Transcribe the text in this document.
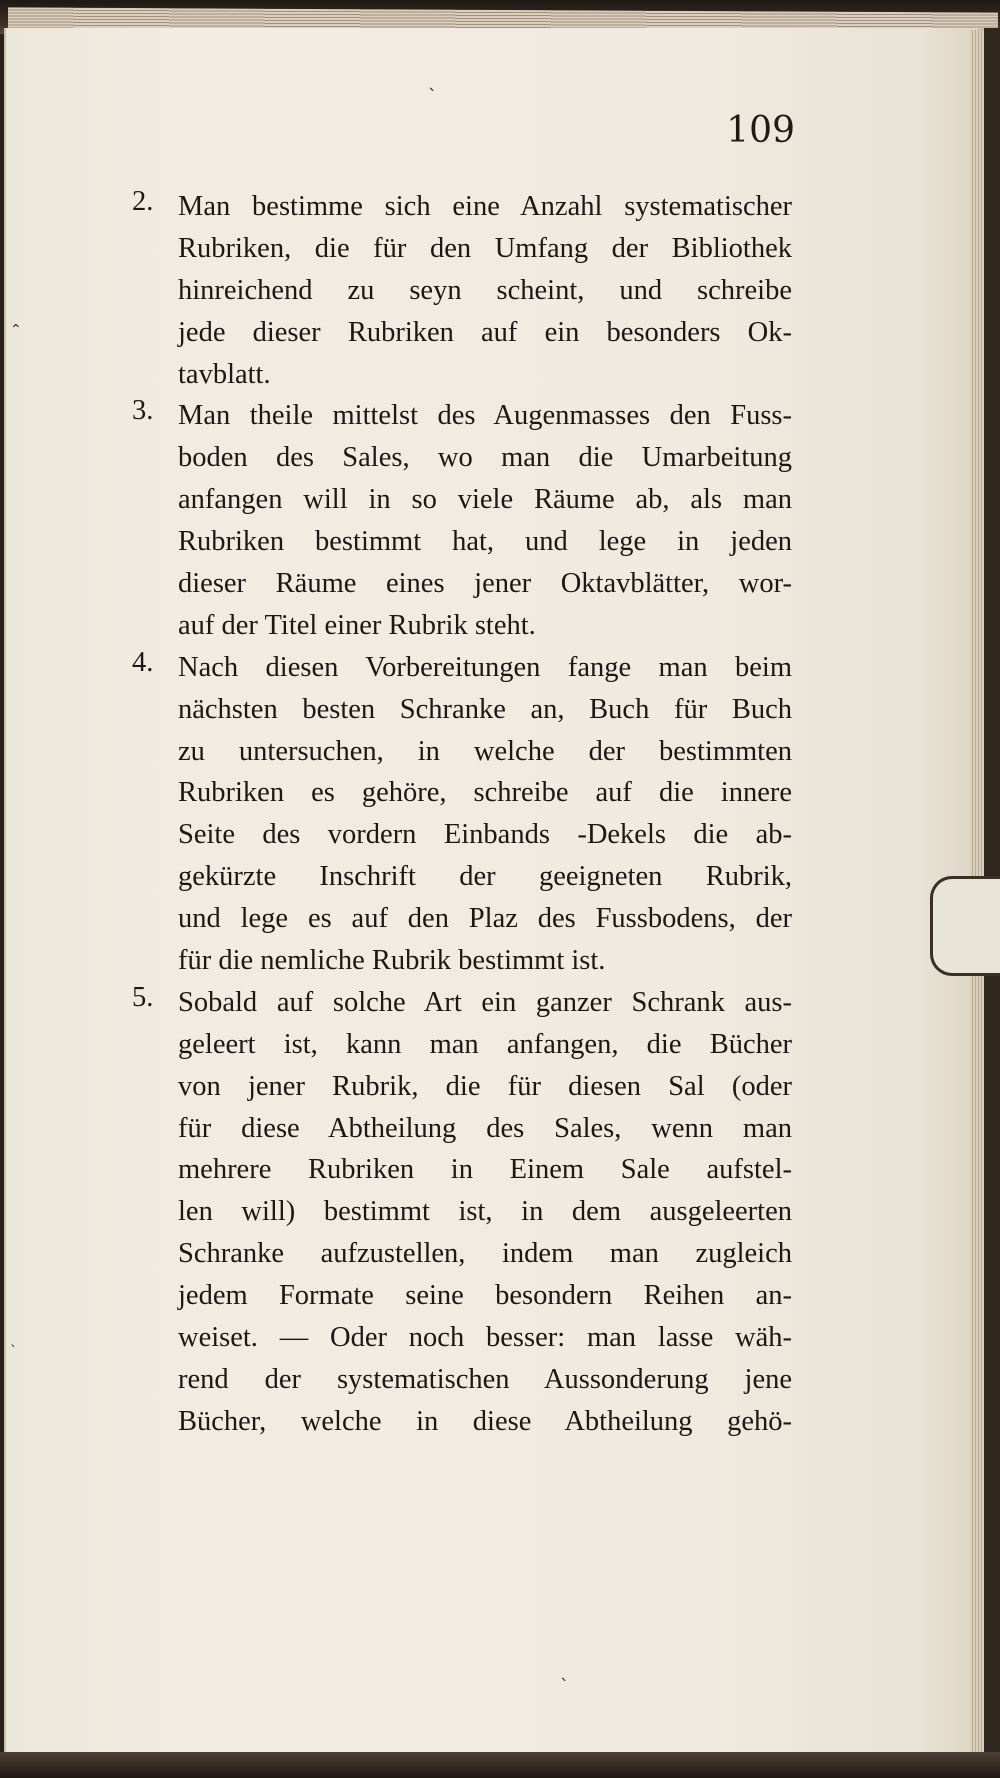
ˋ
⌃
ˋ
ˋ
109
2. Man bestimme sich eine Anzahl systematischer
Rubriken, die für den Umfang der Bibliothek
hinreichend zu seyn scheint, und schreibe
jede dieser Rubriken auf ein besonders Ok-
tavblatt.
3. Man theile mittelst des Augenmasses den Fuss-
boden des Sales, wo man die Umarbeitung
anfangen will in so viele Räume ab, als man
Rubriken bestimmt hat, und lege in jeden
dieser Räume eines jener Oktavblätter, wor-
auf der Titel einer Rubrik steht.
4. Nach diesen Vorbereitungen fange man beim
nächsten besten Schranke an, Buch für Buch
zu untersuchen, in welche der bestimmten
Rubriken es gehöre, schreibe auf die innere
Seite des vordern Einbands -Dekels die ab-
gekürzte Inschrift der geeigneten Rubrik,
und lege es auf den Plaz des Fussbodens, der
für die nemliche Rubrik bestimmt ist.
5. Sobald auf solche Art ein ganzer Schrank aus-
geleert ist, kann man anfangen, die Bücher
von jener Rubrik, die für diesen Sal (oder
für diese Abtheilung des Sales, wenn man
mehrere Rubriken in Einem Sale aufstel-
len will) bestimmt ist, in dem ausgeleerten
Schranke aufzustellen, indem man zugleich
jedem Formate seine besondern Reihen an-
weiset. — Oder noch besser: man lasse wäh-
rend der systematischen Aussonderung jene
Bücher, welche in diese Abtheilung gehö-
